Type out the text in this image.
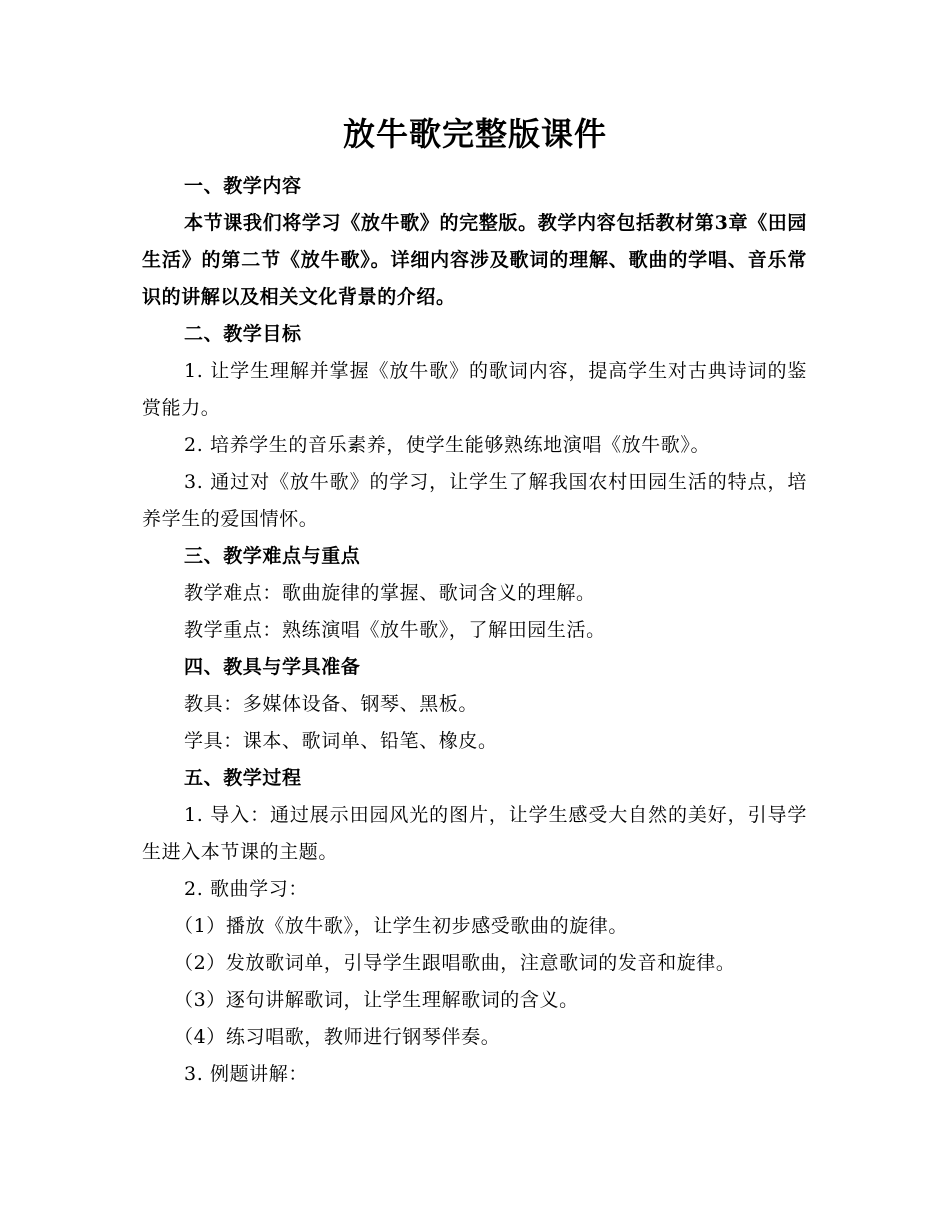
放牛歌完整版课件

一、教学内容

本节课我们将学习《放牛歌》的完整版。教学内容包括教材第3章《田园生活》的第二节《放牛歌》。详细内容涉及歌词的理解、歌曲的学唱、音乐常识的讲解以及相关文化背景的介绍。

二、教学目标

1. 让学生理解并掌握《放牛歌》的歌词内容，提高学生对古典诗词的鉴赏能力。

2. 培养学生的音乐素养，使学生能够熟练地演唱《放牛歌》。

3. 通过对《放牛歌》的学习，让学生了解我国农村田园生活的特点，培养学生的爱国情怀。

三、教学难点与重点

教学难点：歌曲旋律的掌握、歌词含义的理解。

教学重点：熟练演唱《放牛歌》，了解田园生活。

四、教具与学具准备

教具：多媒体设备、钢琴、黑板。

学具：课本、歌词单、铅笔、橡皮。

五、教学过程

1. 导入：通过展示田园风光的图片，让学生感受大自然的美好，引导学生进入本节课的主题。

2. 歌曲学习：

（1）播放《放牛歌》，让学生初步感受歌曲的旋律。

（2）发放歌词单，引导学生跟唱歌曲，注意歌词的发音和旋律。

（3）逐句讲解歌词，让学生理解歌词的含义。

（4）练习唱歌，教师进行钢琴伴奏。

3. 例题讲解：
